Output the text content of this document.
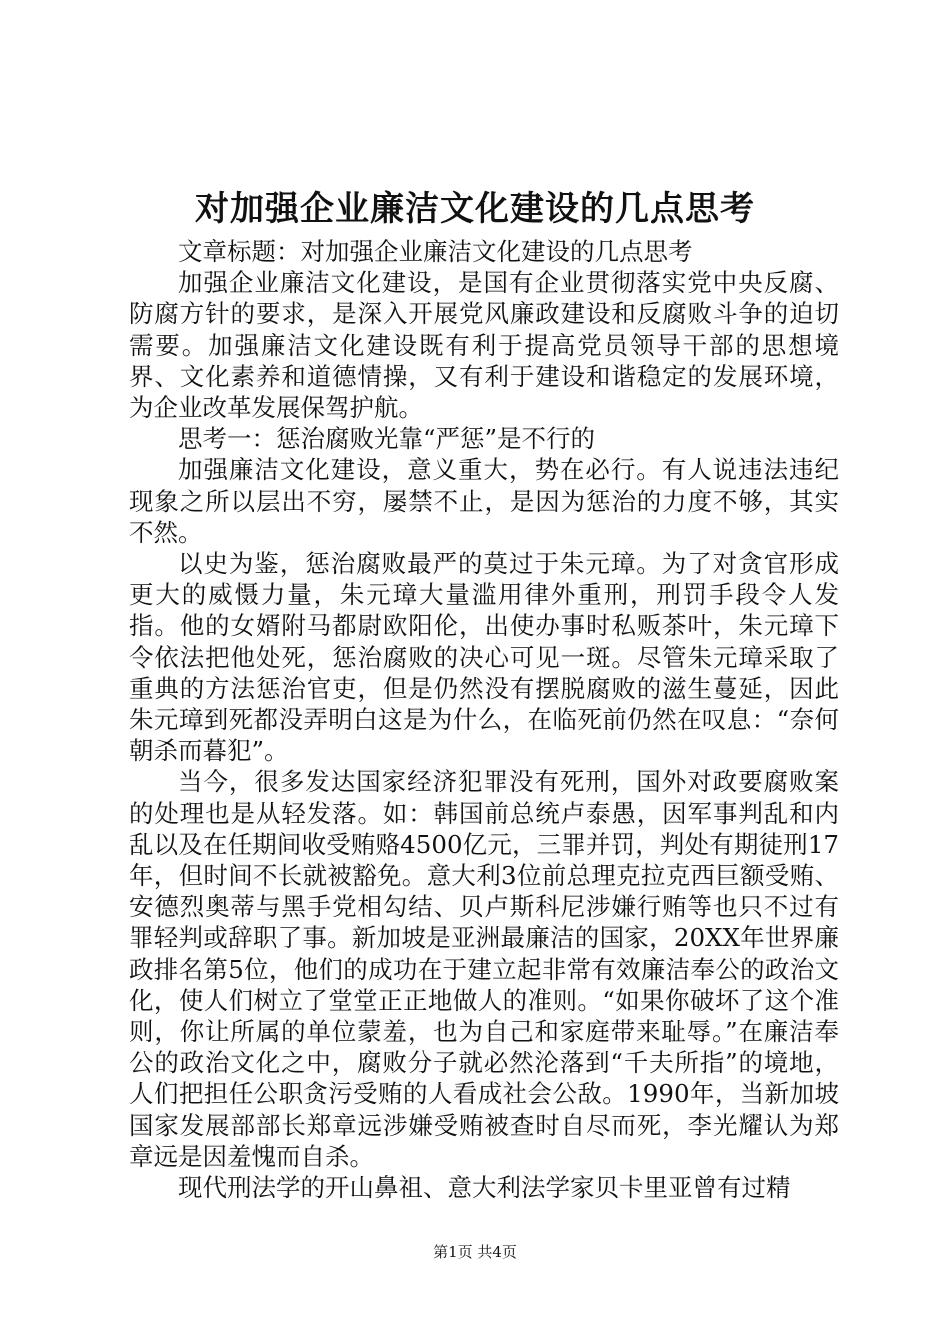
对加强企业廉洁文化建设的几点思考

文章标题：对加强企业廉洁文化建设的几点思考

加强企业廉洁文化建设，是国有企业贯彻落实党中央反腐、防腐方针的要求，是深入开展党风廉政建设和反腐败斗争的迫切需要。加强廉洁文化建设既有利于提高党员领导干部的思想境界、文化素养和道德情操，又有利于建设和谐稳定的发展环境，为企业改革发展保驾护航。

思考一：惩治腐败光靠“严惩”是不行的

加强廉洁文化建设，意义重大，势在必行。有人说违法违纪现象之所以层出不穷，屡禁不止，是因为惩治的力度不够，其实不然。

以史为鉴，惩治腐败最严的莫过于朱元璋。为了对贪官形成更大的威慑力量，朱元璋大量滥用律外重刑，刑罚手段令人发指。他的女婿附马都尉欧阳伦，出使办事时私贩茶叶，朱元璋下令依法把他处死，惩治腐败的决心可见一斑。尽管朱元璋采取了重典的方法惩治官吏，但是仍然没有摆脱腐败的滋生蔓延，因此朱元璋到死都没弄明白这是为什么，在临死前仍然在叹息：“奈何朝杀而暮犯”。

当今，很多发达国家经济犯罪没有死刑，国外对政要腐败案的处理也是从轻发落。如：韩国前总统卢泰愚，因军事判乱和内乱以及在任期间收受贿赂4500亿元，三罪并罚，判处有期徒刑17年，但时间不长就被豁免。意大利3位前总理克拉克西巨额受贿、安德烈奥蒂与黑手党相勾结、贝卢斯科尼涉嫌行贿等也只不过有罪轻判或辞职了事。新加坡是亚洲最廉洁的国家，20XX年世界廉政排名第5位，他们的成功在于建立起非常有效廉洁奉公的政治文化，使人们树立了堂堂正正地做人的准则。“如果你破坏了这个准则，你让所属的单位蒙羞，也为自己和家庭带来耻辱。”在廉洁奉公的政治文化之中，腐败分子就必然沦落到“千夫所指”的境地，人们把担任公职贪污受贿的人看成社会公敌。1990年，当新加坡国家发展部部长郑章远涉嫌受贿被查时自尽而死，李光耀认为郑章远是因羞愧而自杀。

现代刑法学的开山鼻祖、意大利法学家贝卡里亚曾有过精

第1页 共4页
